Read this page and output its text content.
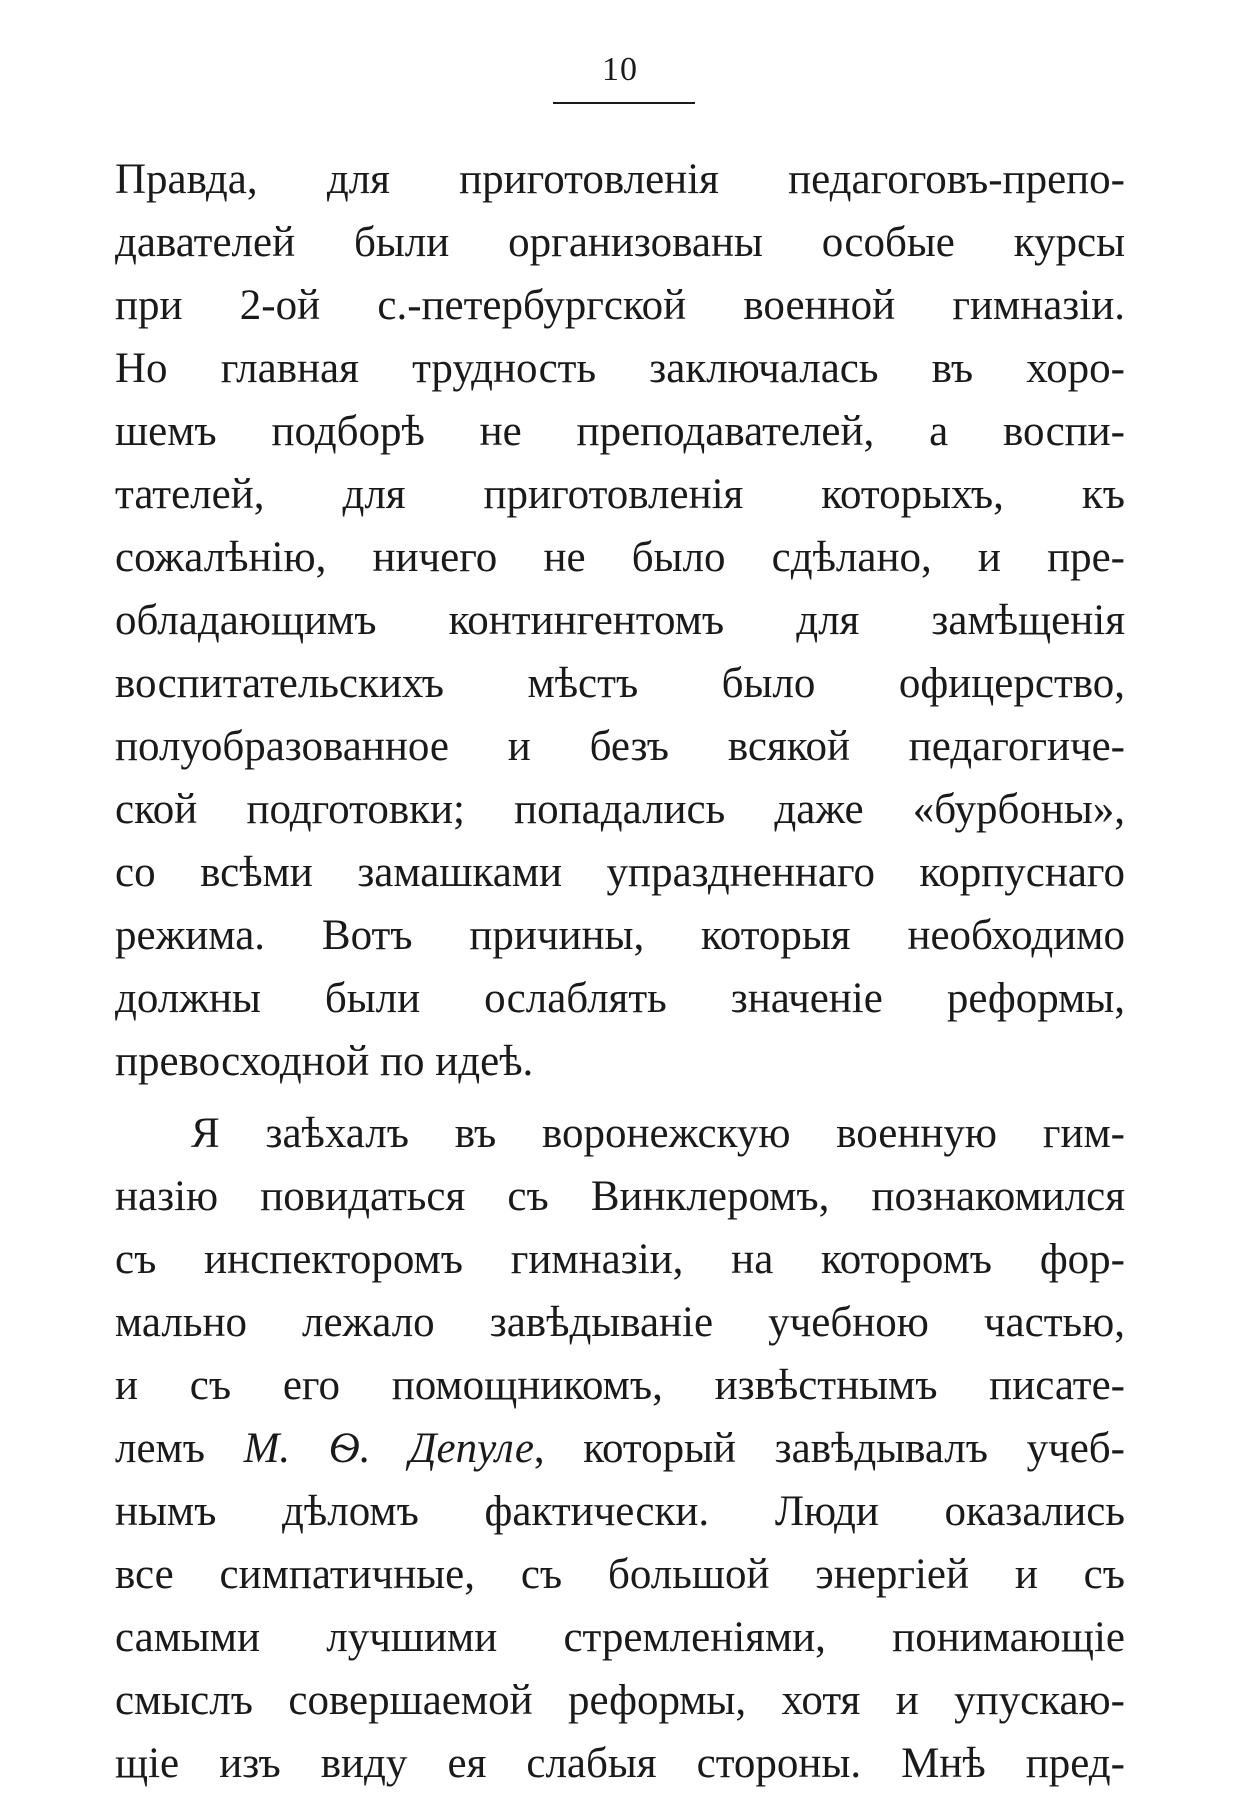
10
Правда, для приготовленія педагоговъ-препо-
давателей были организованы особые курсы
при 2-ой с.-петербургской военной гимназіи.
Но главная трудность заключалась въ хоро-
шемъ подборѣ не преподавателей, а воспи-
тателей, для приготовленія которыхъ, къ
сожалѣнію, ничего не было сдѣлано, и пре-
обладающимъ контингентомъ для замѣщенія
воспитательскихъ мѣстъ было офицерство,
полуобразованное и безъ всякой педагогиче-
ской подготовки; попадались даже «бурбоны»,
со всѣми замашками упраздненнаго корпуснаго
режима. Вотъ причины, которыя необходимо
должны были ослаблять значеніе реформы,
превосходной по идеѣ.
Я заѣхалъ въ воронежскую военную гим-
назію повидаться съ Винклеромъ, познакомился
съ инспекторомъ гимназіи, на которомъ фор-
мально лежало завѣдываніе учебною частью,
и съ его помощникомъ, извѣстнымъ писате-
лемъ М. Ѳ. Депуле, который завѣдывалъ учеб-
нымъ дѣломъ фактически. Люди оказались
все симпатичные, съ большой энергіей и съ
самыми лучшими стремленіями, понимающіе
смыслъ совершаемой реформы, хотя и упускаю-
щіе изъ виду ея слабыя стороны. Мнѣ пред-
